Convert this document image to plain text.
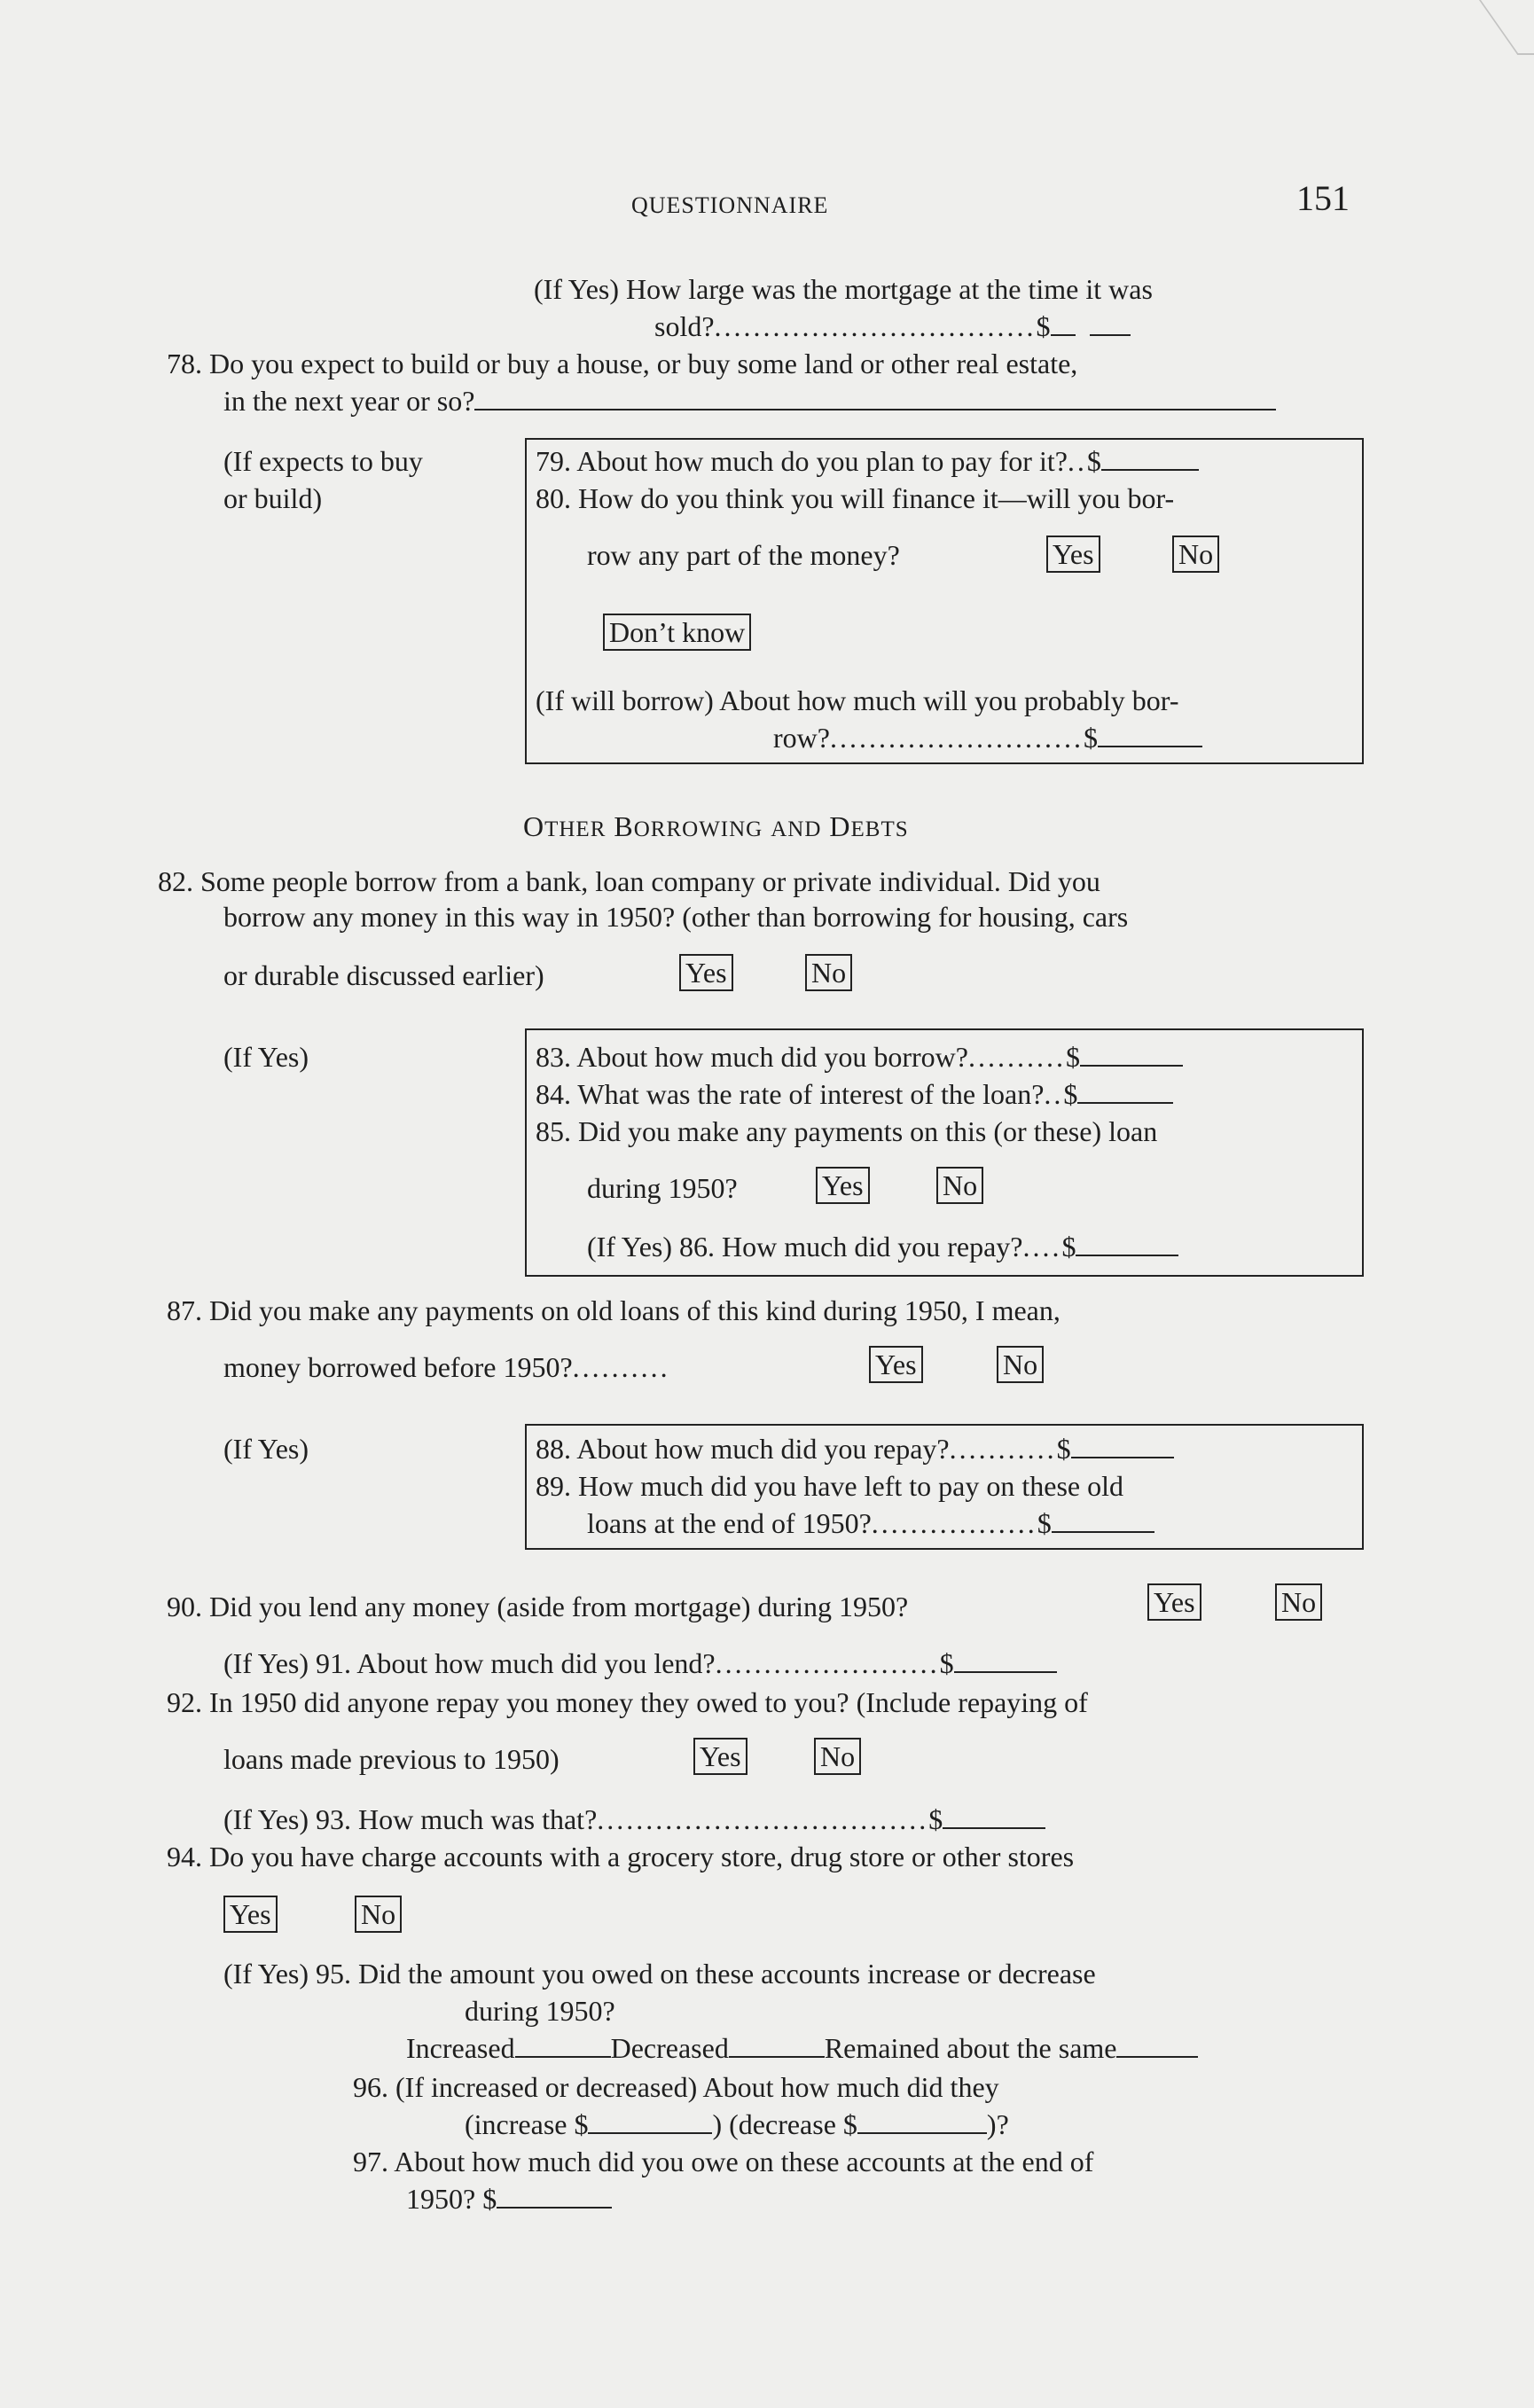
QUESTIONNAIRE	151
(If Yes) How large was the mortgage at the time it was
sold?.................................$
78. Do you expect to build or buy a house, or buy some land or other real estate,
in the next year or so?
(If expects to buy
or build)
79. About how much do you plan to pay for it?..$
80. How do you think you will finance it—will you bor-
row any part of the money?	Yes	No
Don’t know
(If will borrow) About how much will you probably bor-
row?..........................$
OTHER BORROWING AND DEBTS
82. Some people borrow from a bank, loan company or private individual. Did you
borrow any money in this way in 1950? (other than borrowing for housing, cars
or durable discussed earlier)	Yes	No
(If Yes)	83. About how much did you borrow?..........$
84. What was the rate of interest of the loan?..$
85. Did you make any payments on this (or these) loan
during 1950?	Yes	No
(If Yes) 86. How much did you repay?....$
87. Did you make any payments on old loans of this kind during 1950, I mean,
money borrowed before 1950?..........	Yes	No
(If Yes)	88. About how much did you repay?...........$
89. How much did you have left to pay on these old
loans at the end of 1950?.................$
90. Did you lend any money (aside from mortgage) during 1950?	Yes	No
(If Yes) 91. About how much did you lend?.......................$
92. In 1950 did anyone repay you money they owed to you? (Include repaying of
loans made previous to 1950)	Yes	No
(If Yes) 93. How much was that?..................................$
94. Do you have charge accounts with a grocery store, drug store or other stores
Yes	No
(If Yes) 95. Did the amount you owed on these accounts increase or decrease
during 1950?
Increased	Decreased	Remained about the same
96. (If increased or decreased) About how much did they
(increase $	) (decrease $	)?
97. About how much did you owe on these accounts at the end of
1950? $
